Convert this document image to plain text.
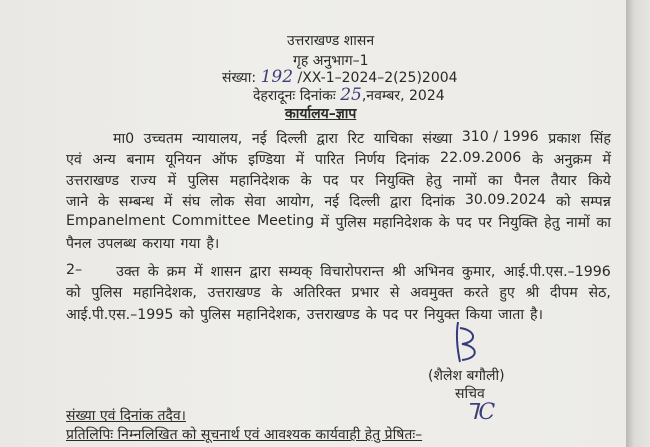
उत्तराखण्ड शासन
गृह अनुभाग–1
संख्या: 192 /XX-1–2024–2(25)2004
देहरादूनः दिनांकः 25,नवम्बर, 2024
कार्यालय–ज्ञाप
(शैलेश बगौली)
सचिव
ᒣC
संख्या एवं दिनांक तदैव।
प्रतिलिपिः निम्नलिखित को सूचनार्थ एवं आवश्यक कार्यवाही हेतु प्रेषितः–
मा0 उच्चतम न्यायालय, नई दिल्ली द्वारा रिट याचिका संख्या 310 / 1996 प्रकाश सिंह
एवं अन्य बनाम यूनियन ऑफ इण्डिया में पारित निर्णय दिनांक 22.09.2006 के अनुक्रम में
उत्तराखण्ड राज्य में पुलिस महानिदेशक के पद पर नियुक्ति हेतु नामों का पैनल तैयार किये
जाने के सम्बन्ध में संघ लोक सेवा आयोग, नई दिल्ली द्वारा दिनांक 30.09.2024 को सम्पन्न
Empanelment Committee Meeting में पुलिस महानिदेशक के पद पर नियुक्ति हेतु नामों का
पैनल उपलब्ध कराया गया है।
2– उक्त के क्रम में शासन द्वारा सम्यक् विचारोपरान्त श्री अभिनव कुमार, आई.पी.एस.–1996
को पुलिस महानिदेशक, उत्तराखण्ड के अतिरिक्त प्रभार से अवमुक्त करते हुए श्री दीपम सेठ,
आई.पी.एस.–1995 को पुलिस महानिदेशक, उत्तराखण्ड के पद पर नियुक्त किया जाता है।
